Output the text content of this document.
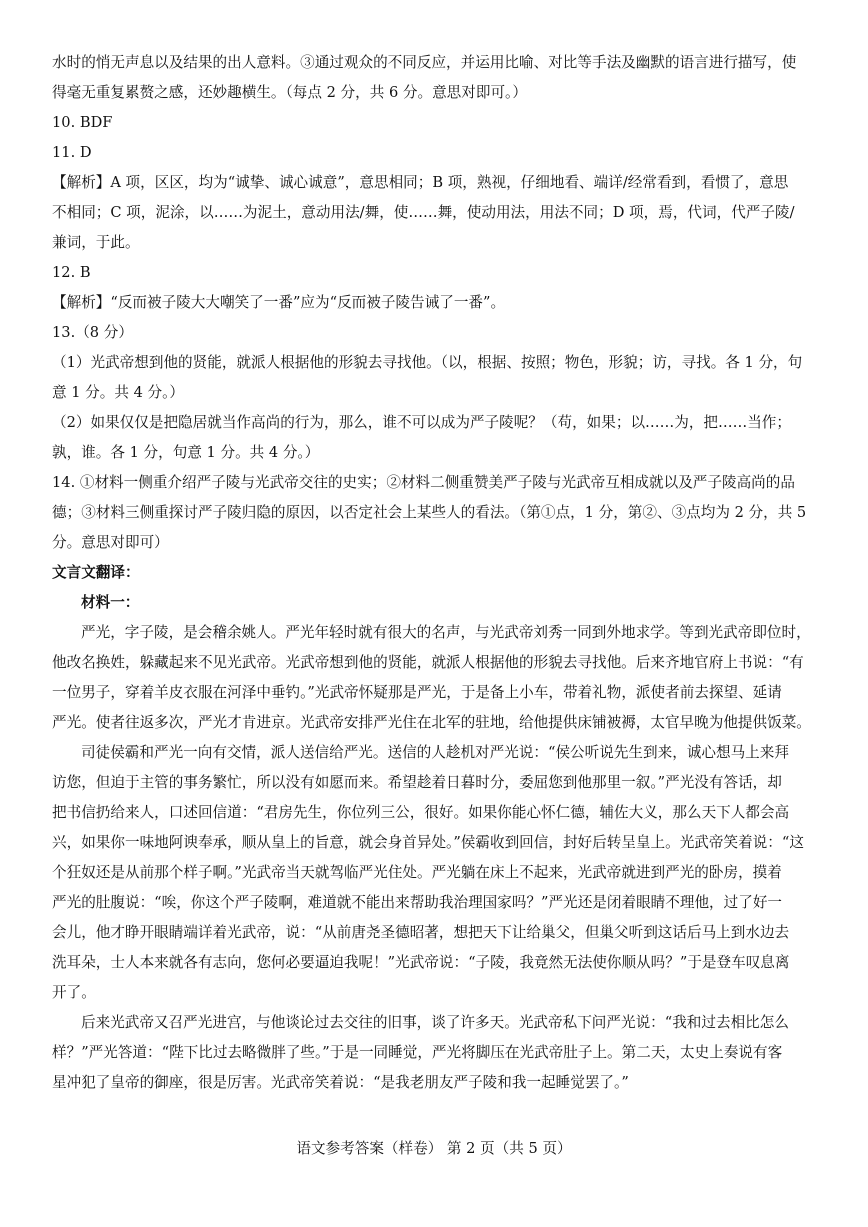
水时的悄无声息以及结果的出人意料。③通过观众的不同反应，并运用比喻、对比等手法及幽默的语言进行描写，使
得毫无重复累赘之感，还妙趣横生。（每点 2 分，共 6 分。意思对即可。）
10. BDF
11. D
【解析】A 项，区区，均为“诚挚、诚心诚意”，意思相同；B 项，熟视，仔细地看、端详/经常看到，看惯了，意思
不相同；C 项，泥涂，以……为泥土，意动用法/舞，使……舞，使动用法，用法不同；D 项，焉，代词，代严子陵/
兼词，于此。
12. B
【解析】“反而被子陵大大嘲笑了一番”应为“反而被子陵告诫了一番”。
13.（8 分）
（1）光武帝想到他的贤能，就派人根据他的形貌去寻找他。（以，根据、按照；物色，形貌；访，寻找。各 1 分，句
意 1 分。共 4 分。）
（2）如果仅仅是把隐居就当作高尚的行为，那么，谁不可以成为严子陵呢？（苟，如果；以……为，把……当作；
孰，谁。各 1 分，句意 1 分。共 4 分。）
14. ①材料一侧重介绍严子陵与光武帝交往的史实；②材料二侧重赞美严子陵与光武帝互相成就以及严子陵高尚的品
德；③材料三侧重探讨严子陵归隐的原因，以否定社会上某些人的看法。（第①点，1 分，第②、③点均为 2 分，共 5
分。意思对即可）
文言文翻译：
材料一：
严光，字子陵，是会稽余姚人。严光年轻时就有很大的名声，与光武帝刘秀一同到外地求学。等到光武帝即位时，
他改名换姓，躲藏起来不见光武帝。光武帝想到他的贤能，就派人根据他的形貌去寻找他。后来齐地官府上书说：“有
一位男子，穿着羊皮衣服在河泽中垂钓。”光武帝怀疑那是严光，于是备上小车，带着礼物，派使者前去探望、延请
严光。使者往返多次，严光才肯进京。光武帝安排严光住在北军的驻地，给他提供床铺被褥，太官早晚为他提供饭菜。
司徒侯霸和严光一向有交情，派人送信给严光。送信的人趁机对严光说：“侯公听说先生到来，诚心想马上来拜
访您，但迫于主管的事务繁忙，所以没有如愿而来。希望趁着日暮时分，委屈您到他那里一叙。”严光没有答话，却
把书信扔给来人，口述回信道：“君房先生，你位列三公，很好。如果你能心怀仁德，辅佐大义，那么天下人都会高
兴，如果你一味地阿谀奉承，顺从皇上的旨意，就会身首异处。”侯霸收到回信，封好后转呈皇上。光武帝笑着说：“这
个狂奴还是从前那个样子啊。”光武帝当天就驾临严光住处。严光躺在床上不起来，光武帝就进到严光的卧房，摸着
严光的肚腹说：“唉，你这个严子陵啊，难道就不能出来帮助我治理国家吗？”严光还是闭着眼睛不理他，过了好一
会儿，他才睁开眼睛端详着光武帝，说：“从前唐尧圣德昭著，想把天下让给巢父，但巢父听到这话后马上到水边去
洗耳朵，士人本来就各有志向，您何必要逼迫我呢！”光武帝说：“子陵，我竟然无法使你顺从吗？”于是登车叹息离
开了。
后来光武帝又召严光进宫，与他谈论过去交往的旧事，谈了许多天。光武帝私下问严光说：“我和过去相比怎么
样？”严光答道：“陛下比过去略微胖了些。”于是一同睡觉，严光将脚压在光武帝肚子上。第二天，太史上奏说有客
星冲犯了皇帝的御座，很是厉害。光武帝笑着说：“是我老朋友严子陵和我一起睡觉罢了。”
语文参考答案（样卷） 第 2 页（共 5 页）
